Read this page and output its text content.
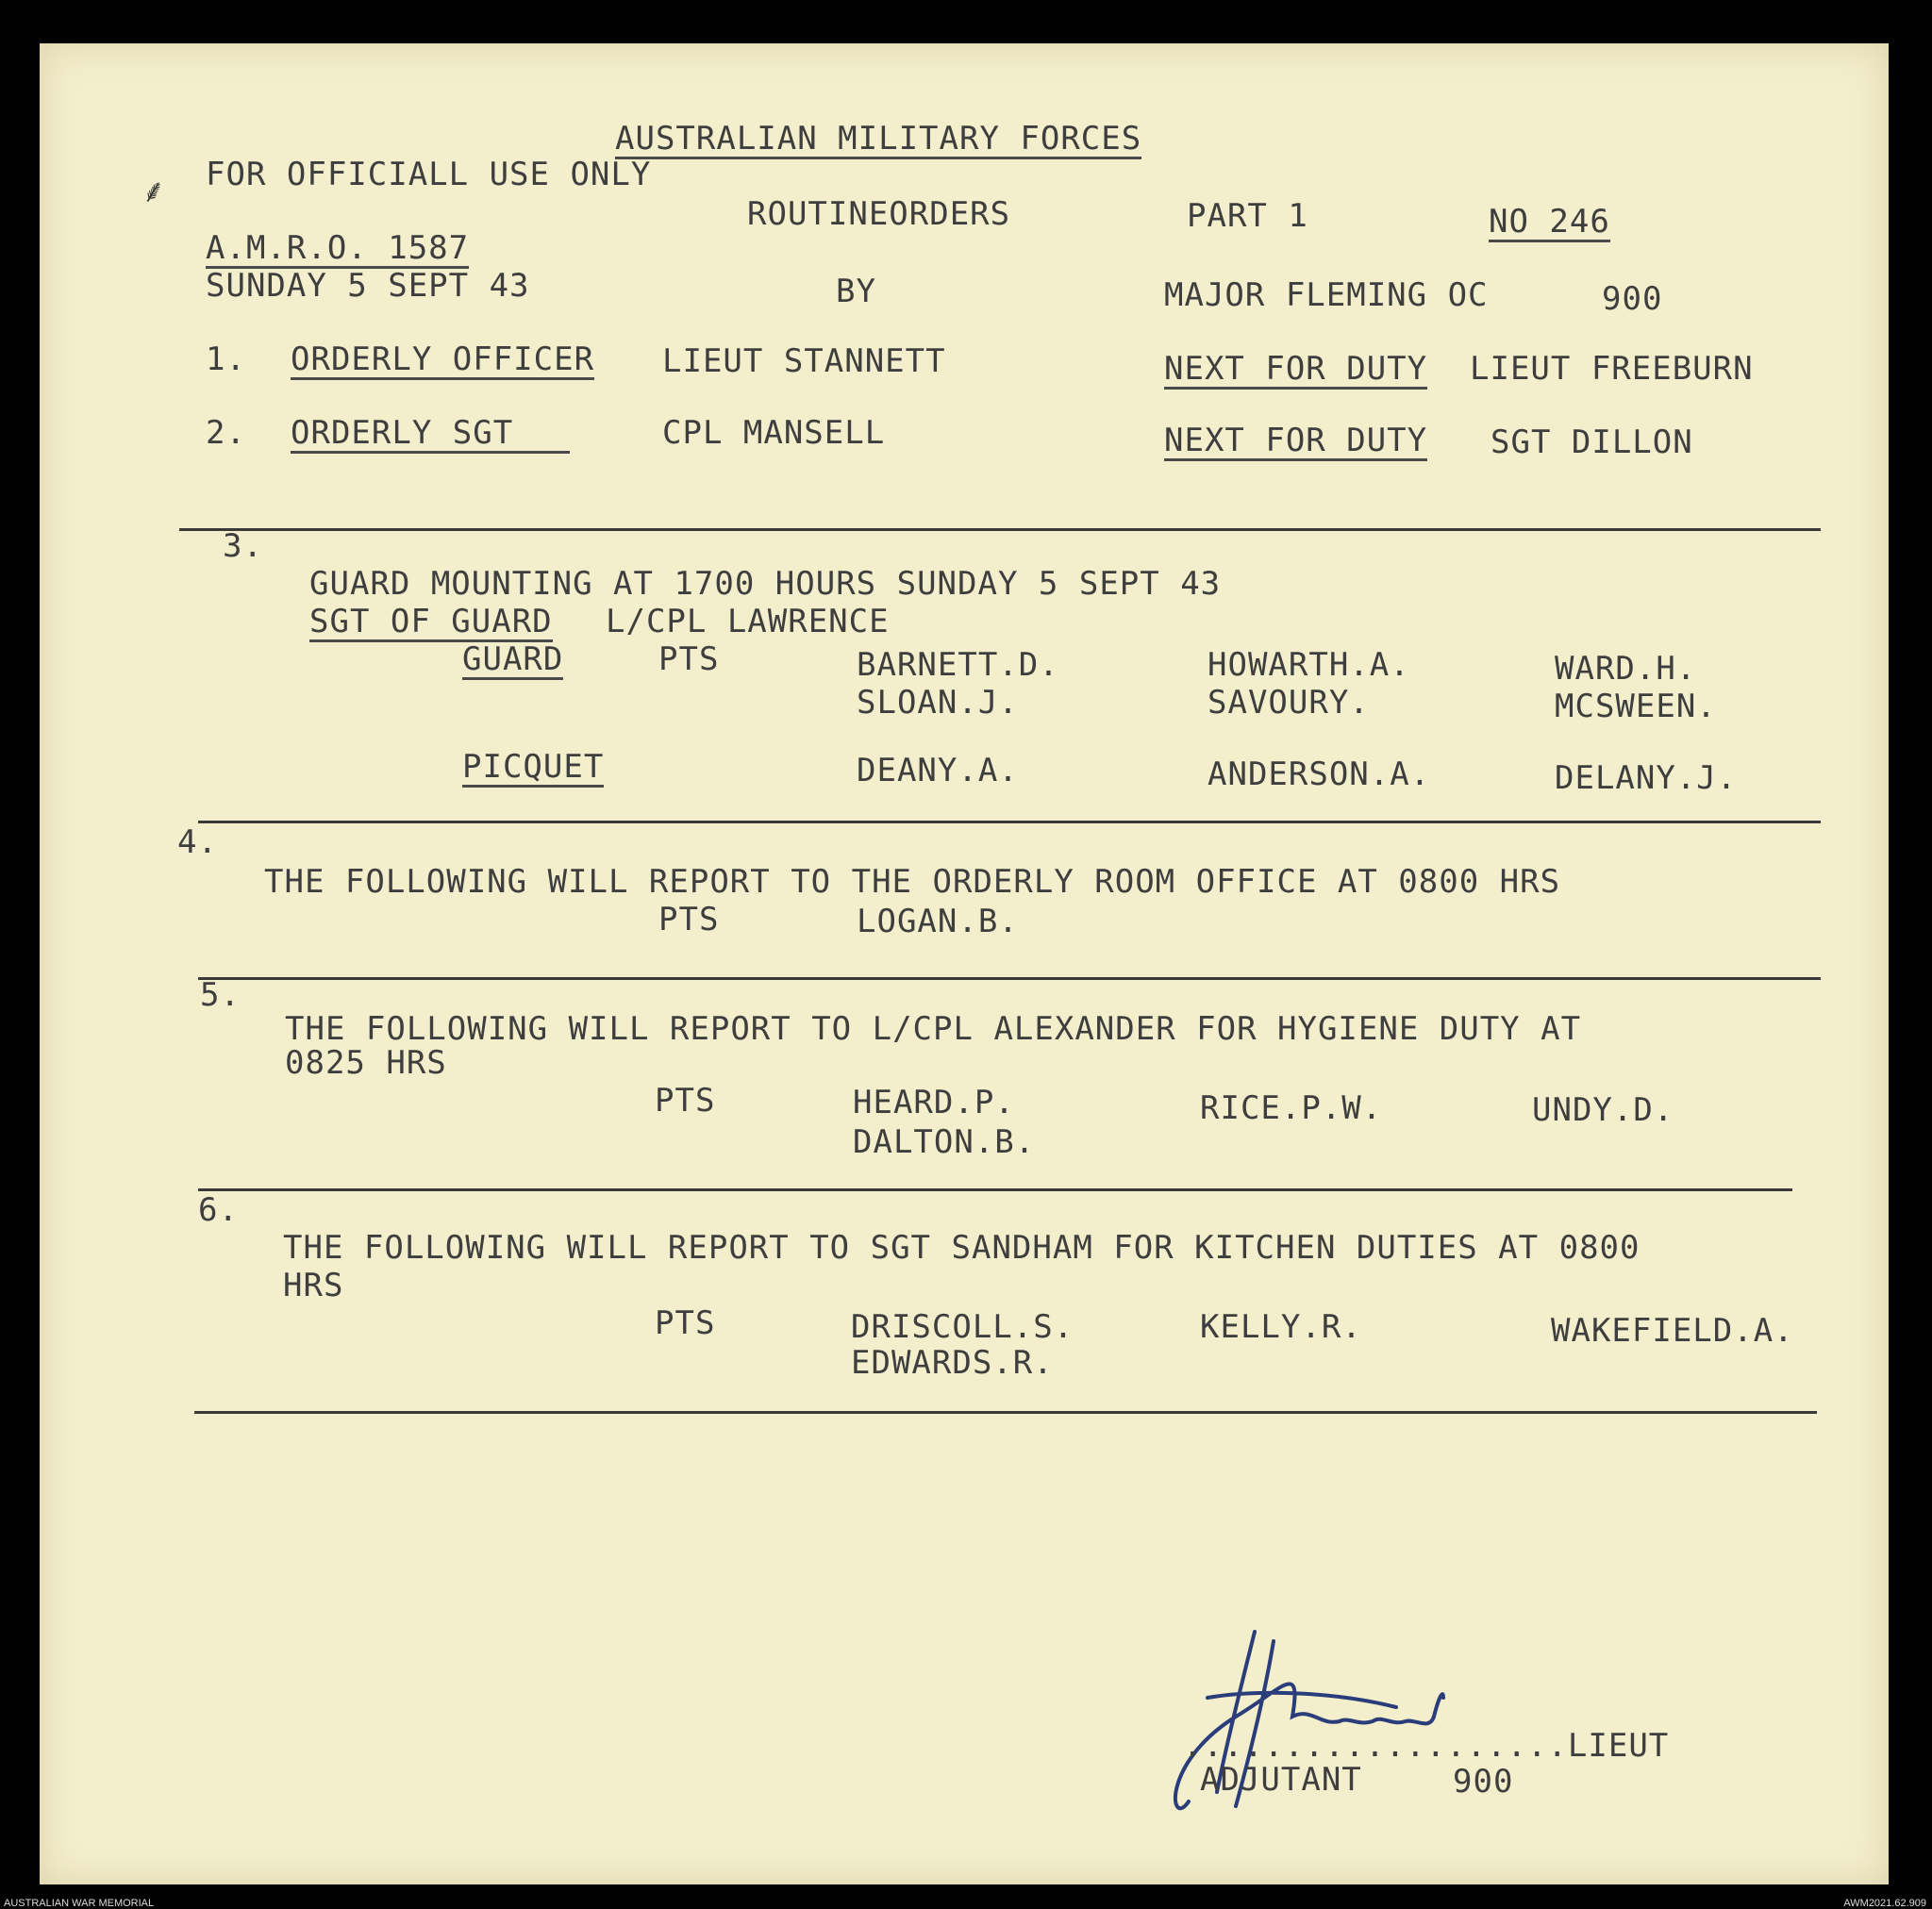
⸙
AUSTRALIAN MILITARY FORCES
FOR OFFICIALL USE ONLY
ROUTINEORDERS	PART 1	NO 246
A.M.R.O. 1587
SUNDAY 5 SEPT 43	BY	MAJOR FLEMING OC	900
1. ORDERLY OFFICER LIEUT STANNETT	NEXT FOR DUTY LIEUT FREEBURN
2. ORDERLY SGT	CPL MANSELL	NEXT FOR DUTY SGT DILLON
3.
GUARD MOUNTING AT 1700 HOURS SUNDAY 5 SEPT 43
SGT OF GUARD L/CPL LAWRENCE
GUARD	PTS	BARNETT.D.	HOWARTH.A.	WARD.H.
SLOAN.J.	SAVOURY.	MCSWEEN.
PICQUET	DEANY.A.	ANDERSON.A.	DELANY.J.
4.
THE FOLLOWING WILL REPORT TO THE ORDERLY ROOM OFFICE AT 0800 HRS
PTS	LOGAN.B.
5.
THE FOLLOWING WILL REPORT TO L/CPL ALEXANDER FOR HYGIENE DUTY AT
0825 HRS
PTS	HEARD.P.	RICE.P.W.	UNDY.D.
DALTON.B.
6.
THE FOLLOWING WILL REPORT TO SGT SANDHAM FOR KITCHEN DUTIES AT 0800
HRS
PTS	DRISCOLL.S.	KELLY.R.	WAKEFIELD.A.
EDWARDS.R.
...................LIEUT
ADJUTANT	900
AUSTRALIAN WAR MEMORIAL	AWM2021.62.909
